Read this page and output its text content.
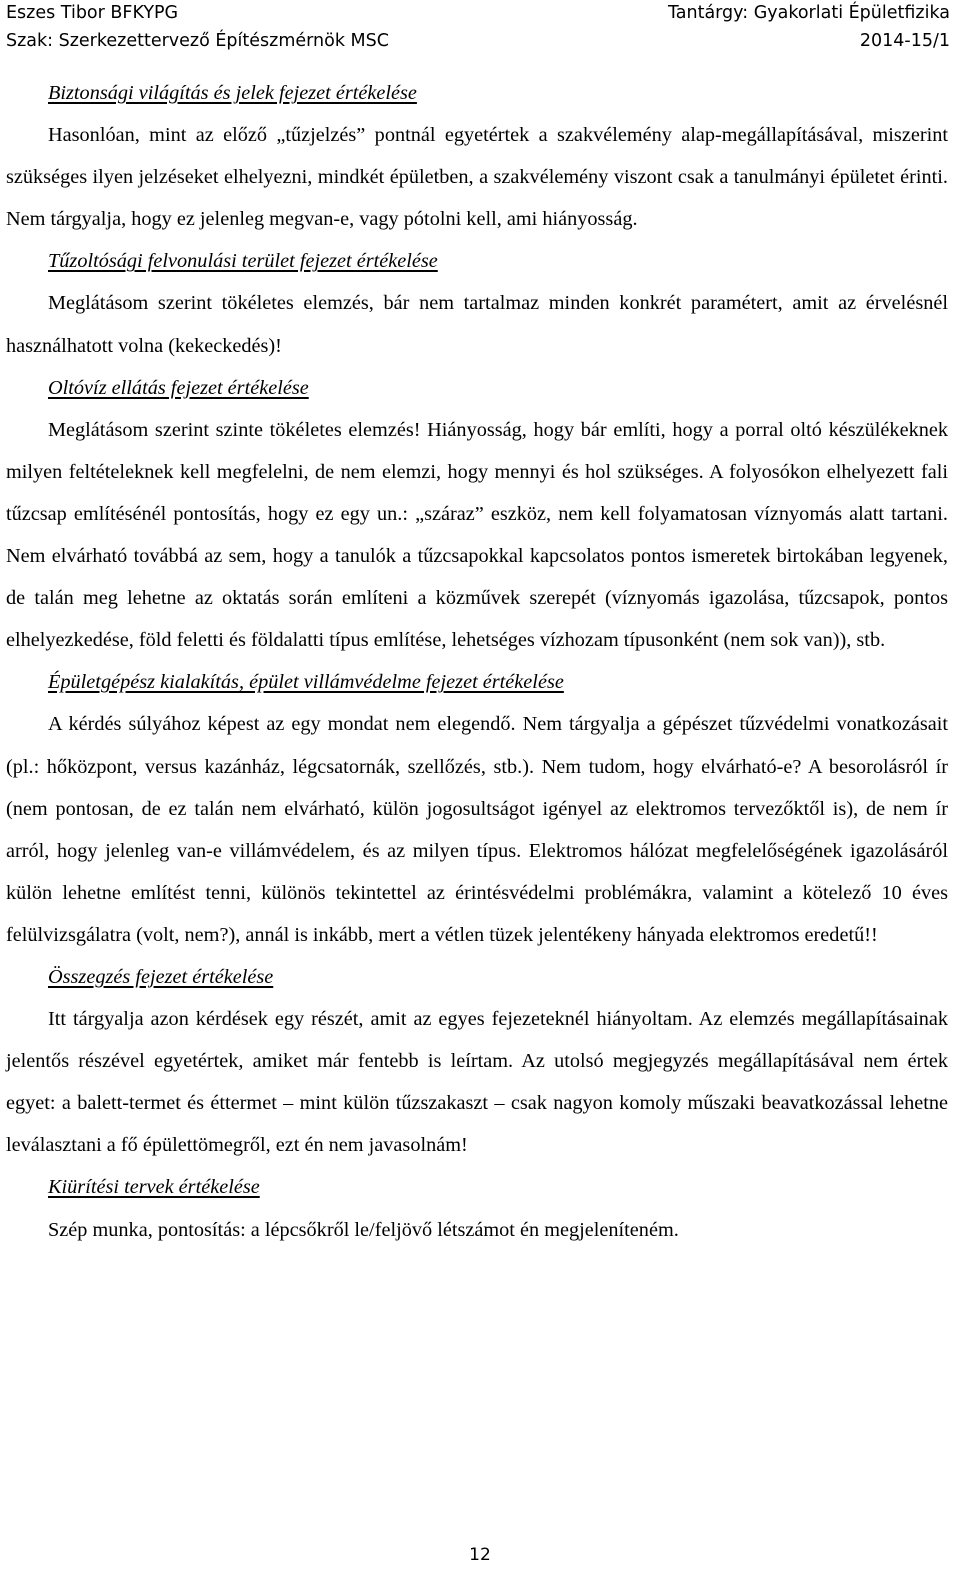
Eszes Tibor BFKYPG	Tantárgy: Gyakorlati Épületfizika
Szak: Szerkezettervező Építészmérnök MSC	2014-15/1
Biztonsági világítás és jelek fejezet értékelése

Hasonlóan, mint az előző „tűzjelzés” pontnál egyetértek a szakvélemény alap-megállapításával, miszerint szükséges ilyen jelzéseket elhelyezni, mindkét épületben, a szakvélemény viszont csak a tanulmányi épületet érinti. Nem tárgyalja, hogy ez jelenleg megvan-e, vagy pótolni kell, ami hiányosság.

Tűzoltósági felvonulási terület fejezet értékelése

Meglátásom szerint tökéletes elemzés, bár nem tartalmaz minden konkrét paramétert, amit az érvelésnél használhatott volna (kekeckedés)!

Oltóvíz ellátás fejezet értékelése

Meglátásom szerint szinte tökéletes elemzés! Hiányosság, hogy bár említi, hogy a porral oltó készülékeknek milyen feltételeknek kell megfelelni, de nem elemzi, hogy mennyi és hol szükséges. A folyosókon elhelyezett fali tűzcsap említésénél pontosítás, hogy ez egy un.: „száraz” eszköz, nem kell folyamatosan víznyomás alatt tartani. Nem elvárható továbbá az sem, hogy a tanulók a tűzcsapokkal kapcsolatos pontos ismeretek birtokában legyenek, de talán meg lehetne az oktatás során említeni a közművek szerepét (víznyomás igazolása, tűzcsapok, pontos elhelyezkedése, föld feletti és földalatti típus említése, lehetséges vízhozam típusonként (nem sok van)), stb.

Épületgépész kialakítás, épület villámvédelme fejezet értékelése

A kérdés súlyához képest az egy mondat nem elegendő. Nem tárgyalja a gépészet tűzvédelmi vonatkozásait (pl.: hőközpont, versus kazánház, légcsatornák, szellőzés, stb.). Nem tudom, hogy elvárható-e? A besorolásról ír (nem pontosan, de ez talán nem elvárható, külön jogosultságot igényel az elektromos tervezőktől is), de nem ír arról, hogy jelenleg van-e villámvédelem, és az milyen típus. Elektromos hálózat megfelelőségének igazolásáról külön lehetne említést tenni, különös tekintettel az érintésvédelmi problémákra, valamint a kötelező 10 éves felülvizsgálatra (volt, nem?), annál is inkább, mert a vétlen tüzek jelentékeny hányada elektromos eredetű!!

Összegzés fejezet értékelése

Itt tárgyalja azon kérdések egy részét, amit az egyes fejezeteknél hiányoltam. Az elemzés megállapításainak jelentős részével egyetértek, amiket már fentebb is leírtam. Az utolsó megjegyzés megállapításával nem értek egyet: a balett-termet és éttermet – mint külön tűzszakaszt – csak nagyon komoly műszaki beavatkozással lehetne leválasztani a fő épülettömegről, ezt én nem javasolnám!

Kiürítési tervek értékelése

Szép munka, pontosítás: a lépcsőkről le/feljövő létszámot én megjeleníteném.

12
